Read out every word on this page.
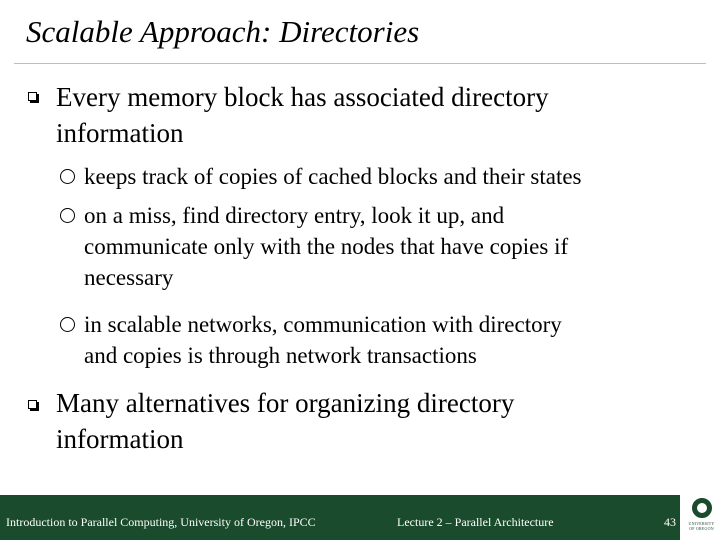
Scalable Approach: Directories
Every memory block has associated directory
information
keeps track of copies of cached blocks and their states
on a miss, find directory entry, look it up, and
communicate only with the nodes that have copies if
necessary
in scalable networks, communication with directory
and copies is through network transactions
Many alternatives for organizing directory
information
Introduction to Parallel Computing, University of Oregon, IPCC	Lecture 2 – Parallel Architecture	43	UNIVERSITY
OF OREGON
